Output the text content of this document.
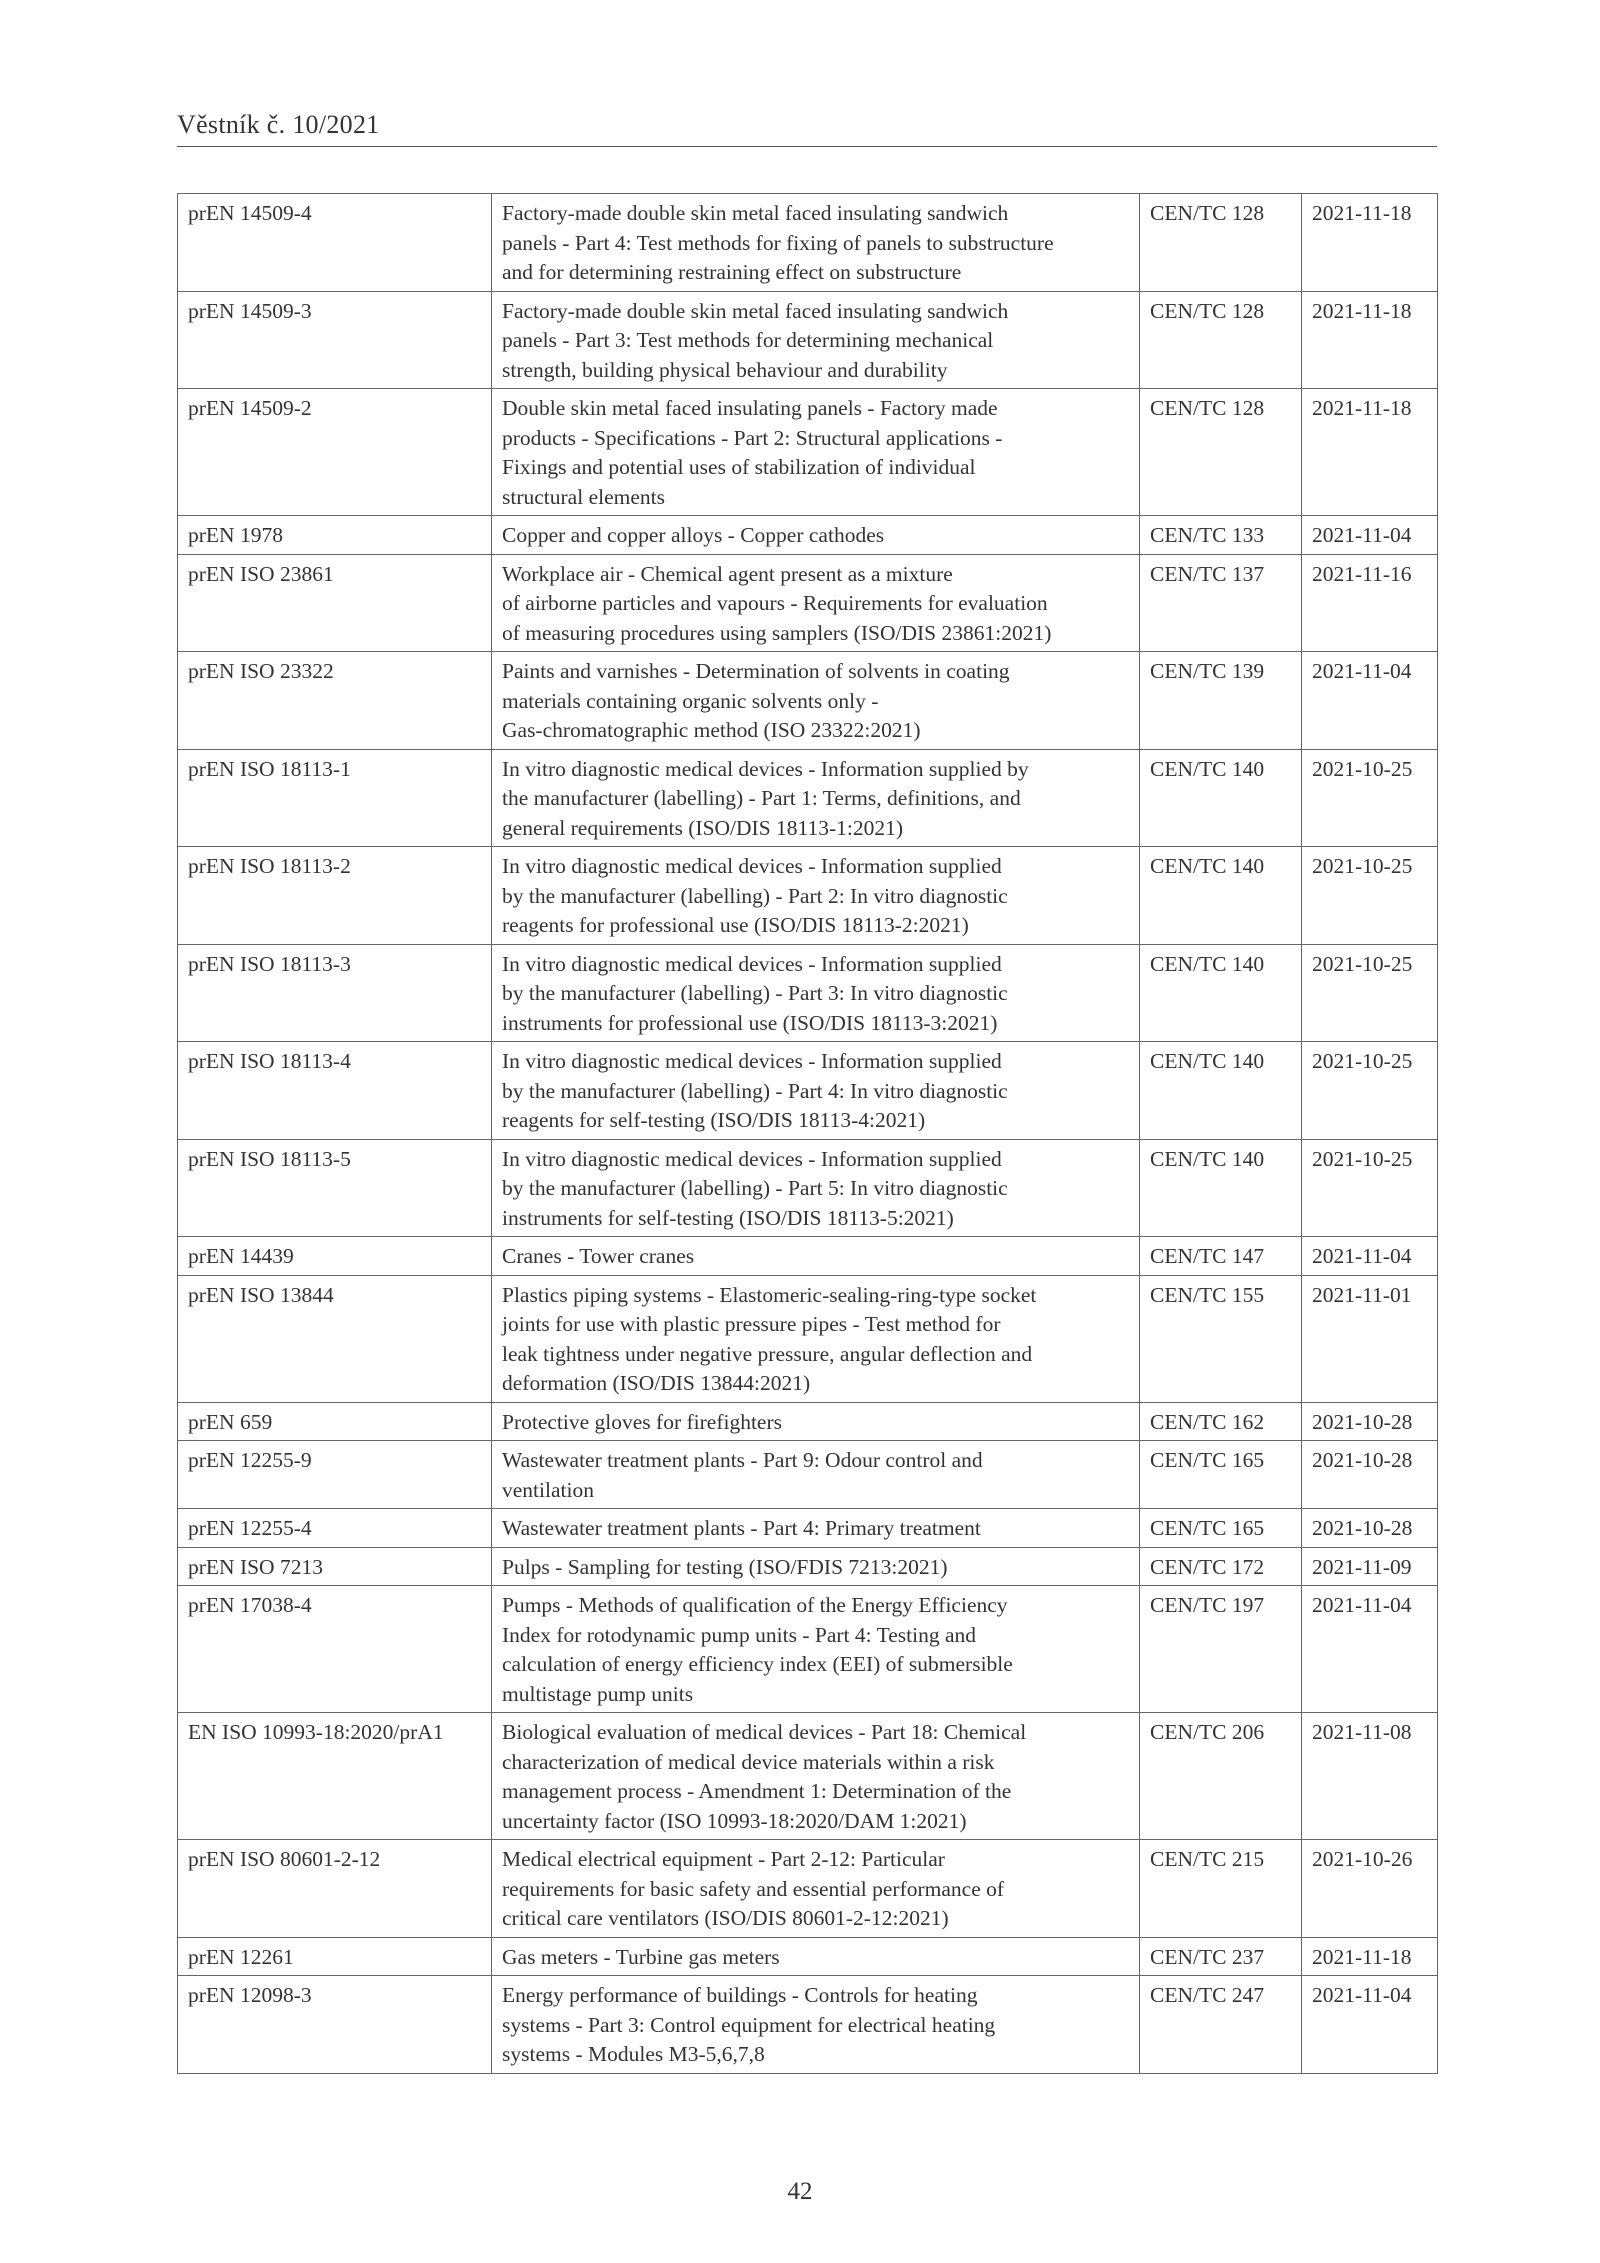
Věstník č. 10/2021
prEN 14509-4	Factory-made double skin metal faced insulating sandwich
panels - Part 4: Test methods for fixing of panels to substructure
and for determining restraining effect on substructure	CEN/TC 128	2021-11-18
prEN 14509-3	Factory-made double skin metal faced insulating sandwich
panels - Part 3: Test methods for determining mechanical
strength, building physical behaviour and durability	CEN/TC 128	2021-11-18
prEN 14509-2	Double skin metal faced insulating panels - Factory made
products - Specifications - Part 2: Structural applications -
Fixings and potential uses of stabilization of individual
structural elements	CEN/TC 128	2021-11-18
prEN 1978	Copper and copper alloys - Copper cathodes	CEN/TC 133	2021-11-04
prEN ISO 23861	Workplace air - Chemical agent present as a mixture
of airborne particles and vapours - Requirements for evaluation
of measuring procedures using samplers (ISO/DIS 23861:2021)	CEN/TC 137	2021-11-16
prEN ISO 23322	Paints and varnishes - Determination of solvents in coating
materials containing organic solvents only -
Gas-chromatographic method (ISO 23322:2021)	CEN/TC 139	2021-11-04
prEN ISO 18113-1	In vitro diagnostic medical devices - Information supplied by
the manufacturer (labelling) - Part 1: Terms, definitions, and
general requirements (ISO/DIS 18113-1:2021)	CEN/TC 140	2021-10-25
prEN ISO 18113-2	In vitro diagnostic medical devices - Information supplied
by the manufacturer (labelling) - Part 2: In vitro diagnostic
reagents for professional use (ISO/DIS 18113-2:2021)	CEN/TC 140	2021-10-25
prEN ISO 18113-3	In vitro diagnostic medical devices - Information supplied
by the manufacturer (labelling) - Part 3: In vitro diagnostic
instruments for professional use (ISO/DIS 18113-3:2021)	CEN/TC 140	2021-10-25
prEN ISO 18113-4	In vitro diagnostic medical devices - Information supplied
by the manufacturer (labelling) - Part 4: In vitro diagnostic
reagents for self-testing (ISO/DIS 18113-4:2021)	CEN/TC 140	2021-10-25
prEN ISO 18113-5	In vitro diagnostic medical devices - Information supplied
by the manufacturer (labelling) - Part 5: In vitro diagnostic
instruments for self-testing (ISO/DIS 18113-5:2021)	CEN/TC 140	2021-10-25
prEN 14439	Cranes - Tower cranes	CEN/TC 147	2021-11-04
prEN ISO 13844	Plastics piping systems - Elastomeric-sealing-ring-type socket
joints for use with plastic pressure pipes - Test method for
leak tightness under negative pressure, angular deflection and
deformation (ISO/DIS 13844:2021)	CEN/TC 155	2021-11-01
prEN 659	Protective gloves for firefighters	CEN/TC 162	2021-10-28
prEN 12255-9	Wastewater treatment plants - Part 9: Odour control and
ventilation	CEN/TC 165	2021-10-28
prEN 12255-4	Wastewater treatment plants - Part 4: Primary treatment	CEN/TC 165	2021-10-28
prEN ISO 7213	Pulps - Sampling for testing (ISO/FDIS 7213:2021)	CEN/TC 172	2021-11-09
prEN 17038-4	Pumps - Methods of qualification of the Energy Efficiency
Index for rotodynamic pump units - Part 4: Testing and
calculation of energy efficiency index (EEI) of submersible
multistage pump units	CEN/TC 197	2021-11-04
EN ISO 10993-18:2020/prA1	Biological evaluation of medical devices - Part 18: Chemical
characterization of medical device materials within a risk
management process - Amendment 1: Determination of the
uncertainty factor (ISO 10993-18:2020/DAM 1:2021)	CEN/TC 206	2021-11-08
prEN ISO 80601-2-12	Medical electrical equipment - Part 2-12: Particular
requirements for basic safety and essential performance of
critical care ventilators (ISO/DIS 80601-2-12:2021)	CEN/TC 215	2021-10-26
prEN 12261	Gas meters - Turbine gas meters	CEN/TC 237	2021-11-18
prEN 12098-3	Energy performance of buildings - Controls for heating
systems - Part 3: Control equipment for electrical heating
systems - Modules M3-5,6,7,8	CEN/TC 247	2021-11-04
42
